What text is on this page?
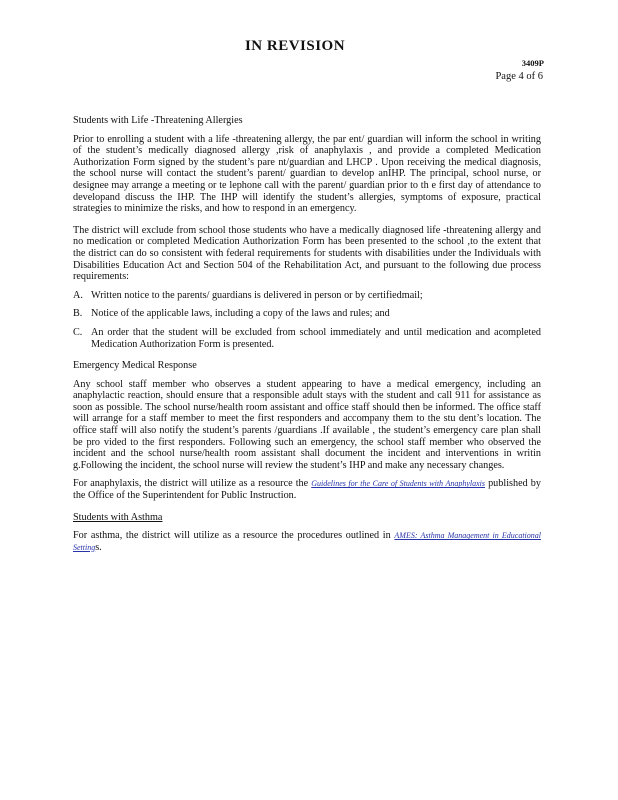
IN REVISION
3409P
Page 4 of 6
Students with Life -Threatening Allergies

Prior to enrolling a student with a life -threatening allergy, the par ent/ guardian will inform the school in writing of the student’s medically diagnosed allergy ,risk of anaphylaxis , and provide a completed Medication Authorization Form signed by the student’s pare nt/guardian and LHCP . Upon receiving the medical diagnosis, the school nurse will contact the student’s parent/ guardian to develop anIHP. The principal, school nurse, or designee may arrange a meeting or te lephone call with the parent/ guardian prior to th e first day of attendance to developand discuss the IHP. The IHP will identify the student’s allergies, symptoms of exposure, practical strategies to minimize the risks, and how to respond in an emergency.

The district will exclude from school those students who have a medically diagnosed life -threatening allergy and no medication or completed Medication Authorization Form has been presented to the school ,to the extent that the district can do so consistent with federal requirements for students with disabilities under the Individuals with Disabilities Education Act and Section 504 of the Rehabilitation Act, and pursuant to the following due process requirements:

A. Written notice to the parents/ guardians is delivered in person or by certifiedmail;
B. Notice of the applicable laws, including a copy of the laws and rules; and
C. An order that the student will be excluded from school immediately and until medication and acompleted Medication Authorization Form is presented.
Emergency Medical Response

Any school staff member who observes a student appearing to have a medical emergency, including an anaphylactic reaction, should ensure that a responsible adult stays with the student and call 911 for assistance as soon as possible. The school nurse/health room assistant and office staff should then be informed. The office staff will arrange for a staff member to meet the first responders and accompany them to the stu dent’s location. The office staff will also notify the student’s parents /guardians .If available , the student’s emergency care plan shall be pro vided to the first responders. Following such an emergency, the school staff member who observed the incident and the school nurse/health room assistant shall document the incident and interventions in writin g.Following the incident, the school nurse will review the student’s IHP and make any necessary changes.

For anaphylaxis, the district will utilize as a resource the Guidelines for the Care of Students with Anaphylaxis published by the Office of the Superintendent for Public Instruction.

Students with Asthma

For asthma, the district will utilize as a resource the procedures outlined in AMES: Asthma Management in Educational Settings.
